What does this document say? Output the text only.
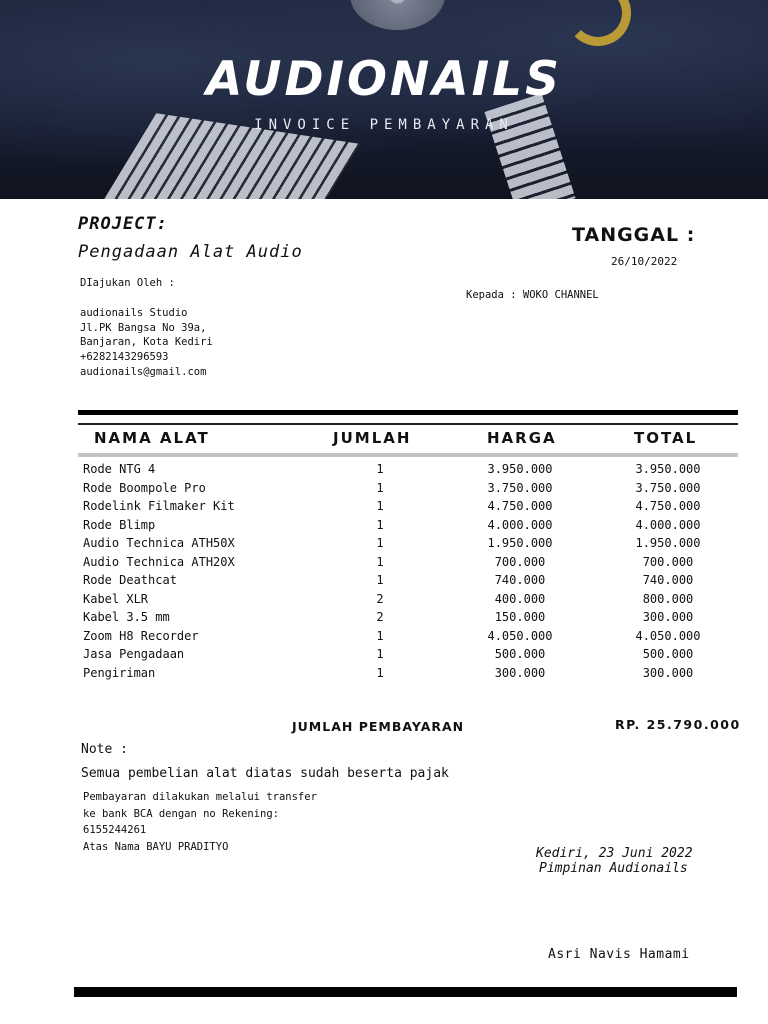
AUDIONAILS
INVOICE PEMBAYARAN
PROJECT:
Pengadaan Alat Audio
TANGGAL :
26/10/2022
DIajukan Oleh :
audionails Studio
Jl.PK Bangsa No 39a,
Banjaran, Kota Kediri
+6282143296593
audionails@gmail.com
Kepada : WOKO CHANNEL
NAMA ALAT	JUMLAH	HARGA	TOTAL
Rode NTG 4	1	3.950.000	3.950.000
Rode Boompole Pro	1	3.750.000	3.750.000
Rodelink Filmaker Kit	1	4.750.000	4.750.000
Rode Blimp	1	4.000.000	4.000.000
Audio Technica ATH50X	1	1.950.000	1.950.000
Audio Technica ATH20X	1	700.000	700.000
Rode Deathcat	1	740.000	740.000
Kabel XLR	2	400.000	800.000
Kabel 3.5 mm	2	150.000	300.000
Zoom H8 Recorder	1	4.050.000	4.050.000
Jasa Pengadaan	1	500.000	500.000
Pengiriman	1	300.000	300.000
JUMLAH PEMBAYARAN	RP. 25.790.000
Note :
Semua pembelian alat diatas sudah beserta pajak
Pembayaran dilakukan melalui transfer
ke bank BCA dengan no Rekening:
6155244261
Atas Nama BAYU PRADITYO	Kediri, 23 Juni 2022
Pimpinan Audionails
Asri Navis Hamami
